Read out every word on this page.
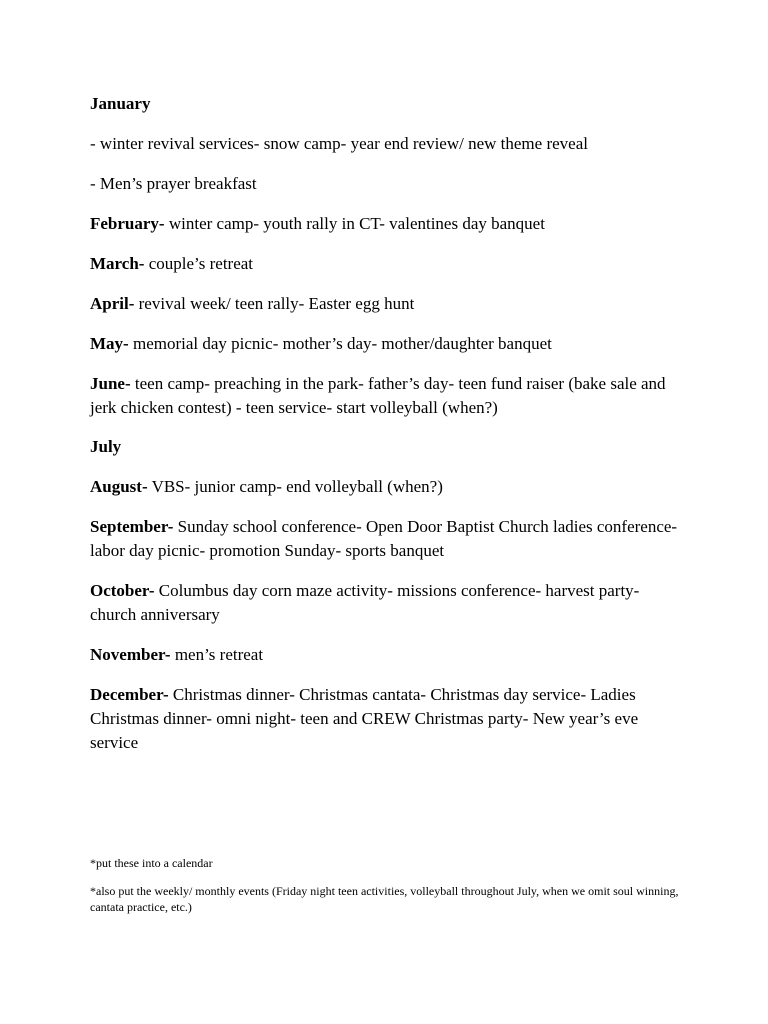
January

- winter revival services- snow camp- year end review/ new theme reveal

- Men’s prayer breakfast

February- winter camp- youth rally in CT- valentines day banquet

March- couple’s retreat

April- revival week/ teen rally- Easter egg hunt

May- memorial day picnic- mother’s day- mother/daughter banquet

June- teen camp- preaching in the park- father’s day- teen fund raiser (bake sale and jerk chicken contest) - teen service- start volleyball (when?)

July

August- VBS- junior camp- end volleyball (when?)

September- Sunday school conference- Open Door Baptist Church ladies conference- labor day picnic- promotion Sunday- sports banquet

October- Columbus day corn maze activity- missions conference- harvest party- church anniversary

November- men’s retreat

December- Christmas dinner- Christmas cantata- Christmas day service- Ladies Christmas dinner- omni night- teen and CREW Christmas party- New year’s eve service

*put these into a calendar

*also put the weekly/ monthly events (Friday night teen activities, volleyball throughout July, when we omit soul winning, cantata practice, etc.)
